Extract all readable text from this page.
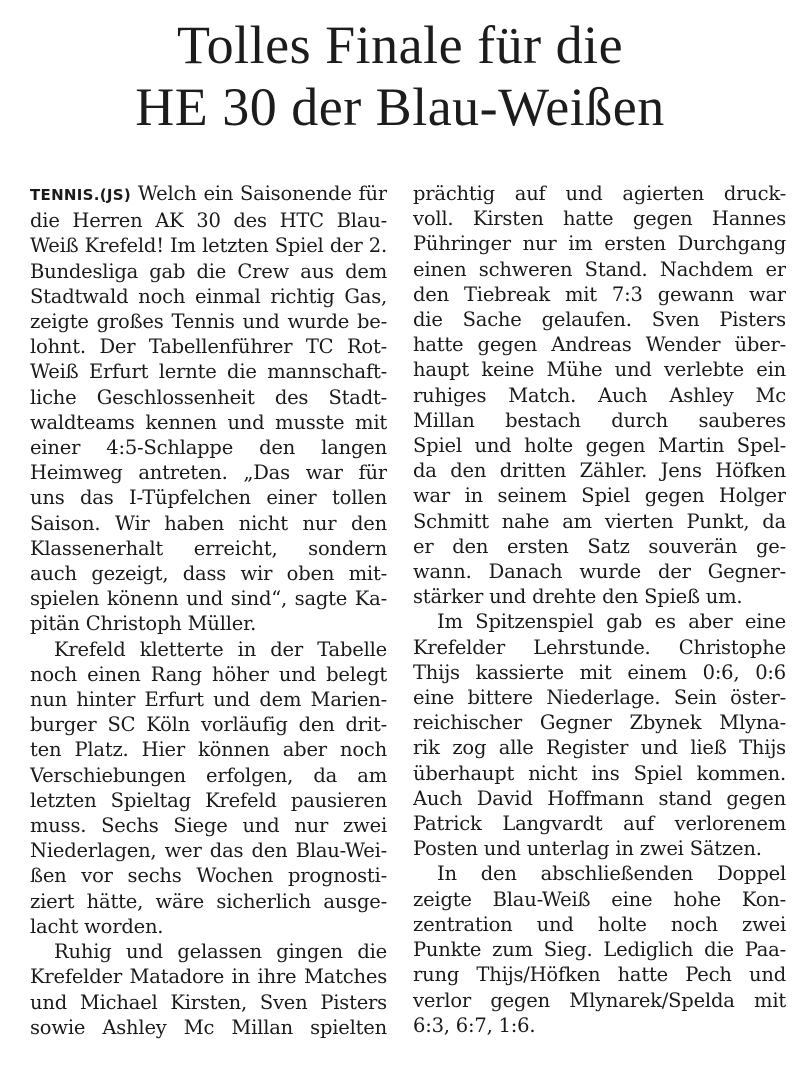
Tolles Finale für die
HE 30 der Blau-Weißen
TENNIS.(JS) Welch ein Saisonende für
die Herren AK 30 des HTC Blau-
Weiß Krefeld! Im letzten Spiel der 2.
Bundesliga gab die Crew aus dem
Stadtwald noch einmal richtig Gas,
zeigte großes Tennis und wurde be-
lohnt. Der Tabellenführer TC Rot-
Weiß Erfurt lernte die mannschaft-
liche Geschlossenheit des Stadt-
waldteams kennen und musste mit
einer 4:5-Schlappe den langen
Heimweg antreten. „Das war für
uns das I-Tüpfelchen einer tollen
Saison. Wir haben nicht nur den
Klassenerhalt erreicht, sondern
auch gezeigt, dass wir oben mit-
spielen könenn und sind“, sagte Ka-
pitän Christoph Müller.
Krefeld kletterte in der Tabelle
noch einen Rang höher und belegt
nun hinter Erfurt und dem Marien-
burger SC Köln vorläufig den drit-
ten Platz. Hier können aber noch
Verschiebungen erfolgen, da am
letzten Spieltag Krefeld pausieren
muss. Sechs Siege und nur zwei
Niederlagen, wer das den Blau-Wei-
ßen vor sechs Wochen prognosti-
ziert hätte, wäre sicherlich ausge-
lacht worden.
Ruhig und gelassen gingen die
Krefelder Matadore in ihre Matches
und Michael Kirsten, Sven Pisters
sowie Ashley Mc Millan spielten
prächtig auf und agierten druck-
voll. Kirsten hatte gegen Hannes
Pühringer nur im ersten Durchgang
einen schweren Stand. Nachdem er
den Tiebreak mit 7:3 gewann war
die Sache gelaufen. Sven Pisters
hatte gegen Andreas Wender über-
haupt keine Mühe und verlebte ein
ruhiges Match. Auch Ashley Mc
Millan bestach durch sauberes
Spiel und holte gegen Martin Spel-
da den dritten Zähler. Jens Höfken
war in seinem Spiel gegen Holger
Schmitt nahe am vierten Punkt, da
er den ersten Satz souverän ge-
wann. Danach wurde der Gegner-
stärker und drehte den Spieß um.
Im Spitzenspiel gab es aber eine
Krefelder Lehrstunde. Christophe
Thijs kassierte mit einem 0:6, 0:6
eine bittere Niederlage. Sein öster-
reichischer Gegner Zbynek Mlyna-
rik zog alle Register und ließ Thijs
überhaupt nicht ins Spiel kommen.
Auch David Hoffmann stand gegen
Patrick Langvardt auf verlorenem
Posten und unterlag in zwei Sätzen.
In den abschließenden Doppel
zeigte Blau-Weiß eine hohe Kon-
zentration und holte noch zwei
Punkte zum Sieg. Lediglich die Paa-
rung Thijs/Höfken hatte Pech und
verlor gegen Mlynarek/Spelda mit
6:3, 6:7, 1:6.
